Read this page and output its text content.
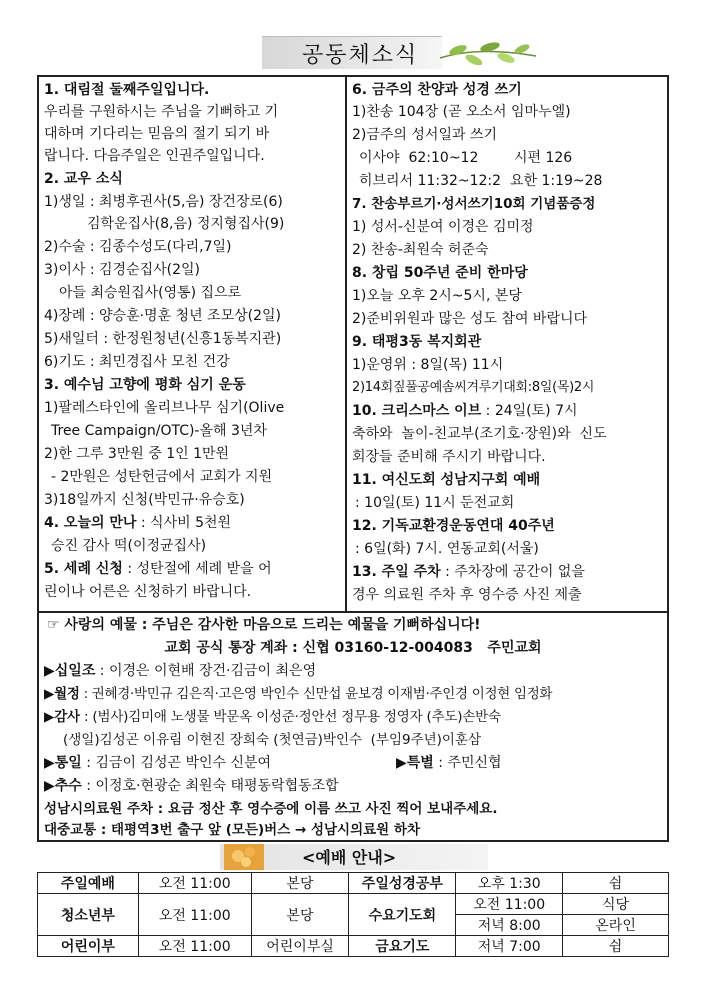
공동체소식
1. 대림절 둘째주일입니다.
우리를 구원하시는 주님을 기뻐하고 기
대하며 기다리는 믿음의 절기 되기 바
랍니다. 다음주일은 인권주일입니다.
2. 교우 소식
1)생일 : 최병후권사(5,음) 장건장로(6)
김학운집사(8,음) 정지형집사(9)
2)수술 : 김종수성도(다리,7일)
3)이사 : 김경순집사(2일)
아들 최승원집사(영통) 집으로
4)장례 : 양승훈·명훈 청년 조모상(2일)
5)새일터 : 한정원청년(신흥1동복지관)
6)기도 : 최민경집사 모친 건강
3. 예수님 고향에 평화 심기 운동
1)팔레스타인에 올리브나무 심기(Olive
Tree Campaign/OTC)-올해 3년차
2)한 그루 3만원 중 1인 1만원
- 2만원은 성탄헌금에서 교회가 지원
3)18일까지 신청(박민규·유승호)
4. 오늘의 만나 : 식사비 5천원
승진 감사 떡(이정균집사)
5. 세례 신청 : 성탄절에 세례 받을 어
린이나 어른은 신청하기 바랍니다.
6. 금주의 찬양과 성경 쓰기
1)찬송 104장 (곧 오소서 임마누엘)
2)금주의 성서일과 쓰기
이사야  62:10~12        시편 126
히브리서 11:32~12:2  요한 1:19~28
7. 찬송부르기·성서쓰기10회 기념품증정
1) 성서-신분여 이경은 김미정
2) 찬송-최원숙 허준숙
8. 창립 50주년 준비 한마당
1)오늘 오후 2시~5시, 본당
2)준비위원과 많은 성도 참여 바랍니다
9. 태평3동 복지회관
1)운영위 : 8일(목) 11시
2)14회짚풀공예솜씨겨루기대회:8일(목)2시
10. 크리스마스 이브 : 24일(토) 7시
축하와  놀이-친교부(조기호·장원)와  신도
회장들 준비해 주시기 바랍니다.
11. 여신도회 성남지구회 예배
: 10일(토) 11시 둔전교회
12. 기독교환경운동연대 40주년
: 6일(화) 7시. 연동교회(서울)
13. 주일 주차 : 주차장에 공간이 없을
경우 의료원 주차 후 영수증 사진 제출
☞ 사랑의 예물 : 주님은 감사한 마음으로 드리는 예물을 기뻐하십니다!
교회 공식 통장 계좌 : 신협 03160-12-004083   주민교회
▶십일조 : 이경은 이현배 장건·김금이 최은영
▶월정 : 권혜경·박민규 김은직·고은영 박인수 신만섭 윤보경 이재범·주인경 이정현 임정화
▶감사 : (범사)김미애 노생물 박문옥 이성준·정안선 정무용 정영자 (추도)손반숙
(생일)김성곤 이유림 이현진 장희숙 (첫연금)박인수  (부임9주년)이훈삼
▶통일 : 김금이 김성곤 박인수 신분여	▶특별 : 주민신협
▶추수 : 이정호·현광순 최원숙 태평동락협동조합
성남시의료원 주차 : 요금 정산 후 영수증에 이름 쓰고 사진 찍어 보내주세요.
대중교통 : 태평역3번 출구 앞 (모든)버스 → 성남시의료원 하차
<예배 안내>
주일예배	오전 11:00	본당	주일성경공부	오후 1:30	쉼
청소년부	오전 11:00	본당	수요기도회	오전 11:00	식당
				저녁 8:00	온라인
어린이부	오전 11:00	어린이부실	금요기도	저녁 7:00	쉼
